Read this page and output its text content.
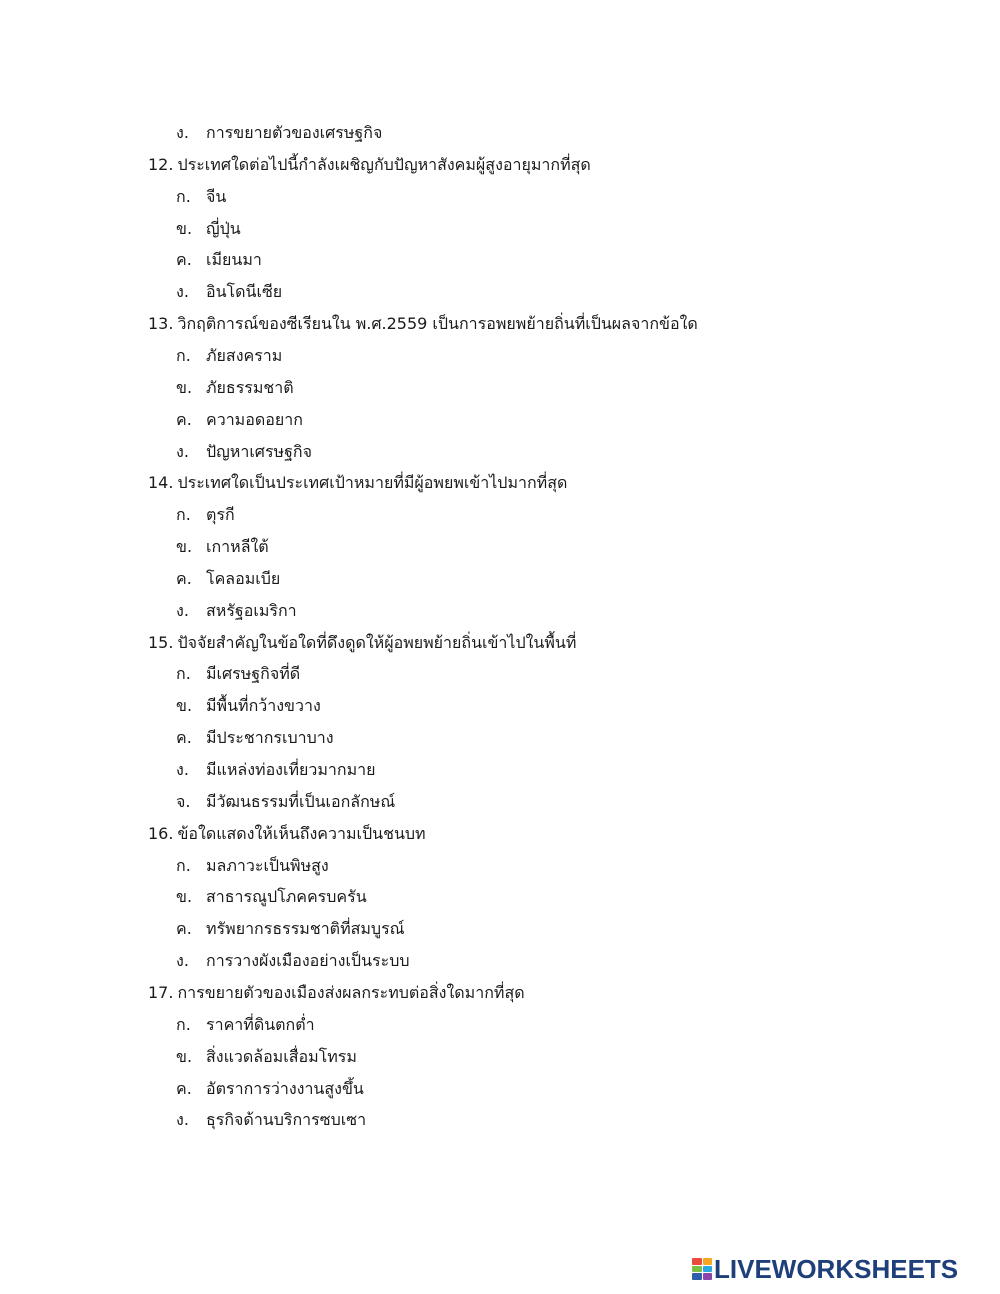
ง. การขยายตัวของเศรษฐกิจ
12. ประเทศใดต่อไปนี้กำลังเผชิญกับปัญหาสังคมผู้สูงอายุมากที่สุด
ก. จีน
ข. ญี่ปุ่น
ค. เมียนมา
ง. อินโดนีเซีย
13. วิกฤติการณ์ของซีเรียนใน พ.ศ.2559 เป็นการอพยพย้ายถิ่นที่เป็นผลจากข้อใด
ก. ภัยสงคราม
ข. ภัยธรรมชาติ
ค. ความอดอยาก
ง. ปัญหาเศรษฐกิจ
14. ประเทศใดเป็นประเทศเป้าหมายที่มีผู้อพยพเข้าไปมากที่สุด
ก. ตุรกี
ข. เกาหลีใต้
ค. โคลอมเบีย
ง. สหรัฐอเมริกา
15. ปัจจัยสำคัญในข้อใดที่ดึงดูดให้ผู้อพยพย้ายถิ่นเข้าไปในพื้นที่
ก. มีเศรษฐกิจที่ดี
ข. มีพื้นที่กว้างขวาง
ค. มีประชากรเบาบาง
ง. มีแหล่งท่องเที่ยวมากมาย
จ. มีวัฒนธรรมที่เป็นเอกลักษณ์
16. ข้อใดแสดงให้เห็นถึงความเป็นชนบท
ก. มลภาวะเป็นพิษสูง
ข. สาธารณูปโภคครบครัน
ค. ทรัพยากรธรรมชาติที่สมบูรณ์
ง. การวางผังเมืองอย่างเป็นระบบ
17. การขยายตัวของเมืองส่งผลกระทบต่อสิ่งใดมากที่สุด
ก. ราคาที่ดินตกต่ำ
ข. สิ่งแวดล้อมเสื่อมโทรม
ค. อัตราการว่างงานสูงขึ้น
ง. ธุรกิจด้านบริการซบเซา
LIVEWORKSHEETS
